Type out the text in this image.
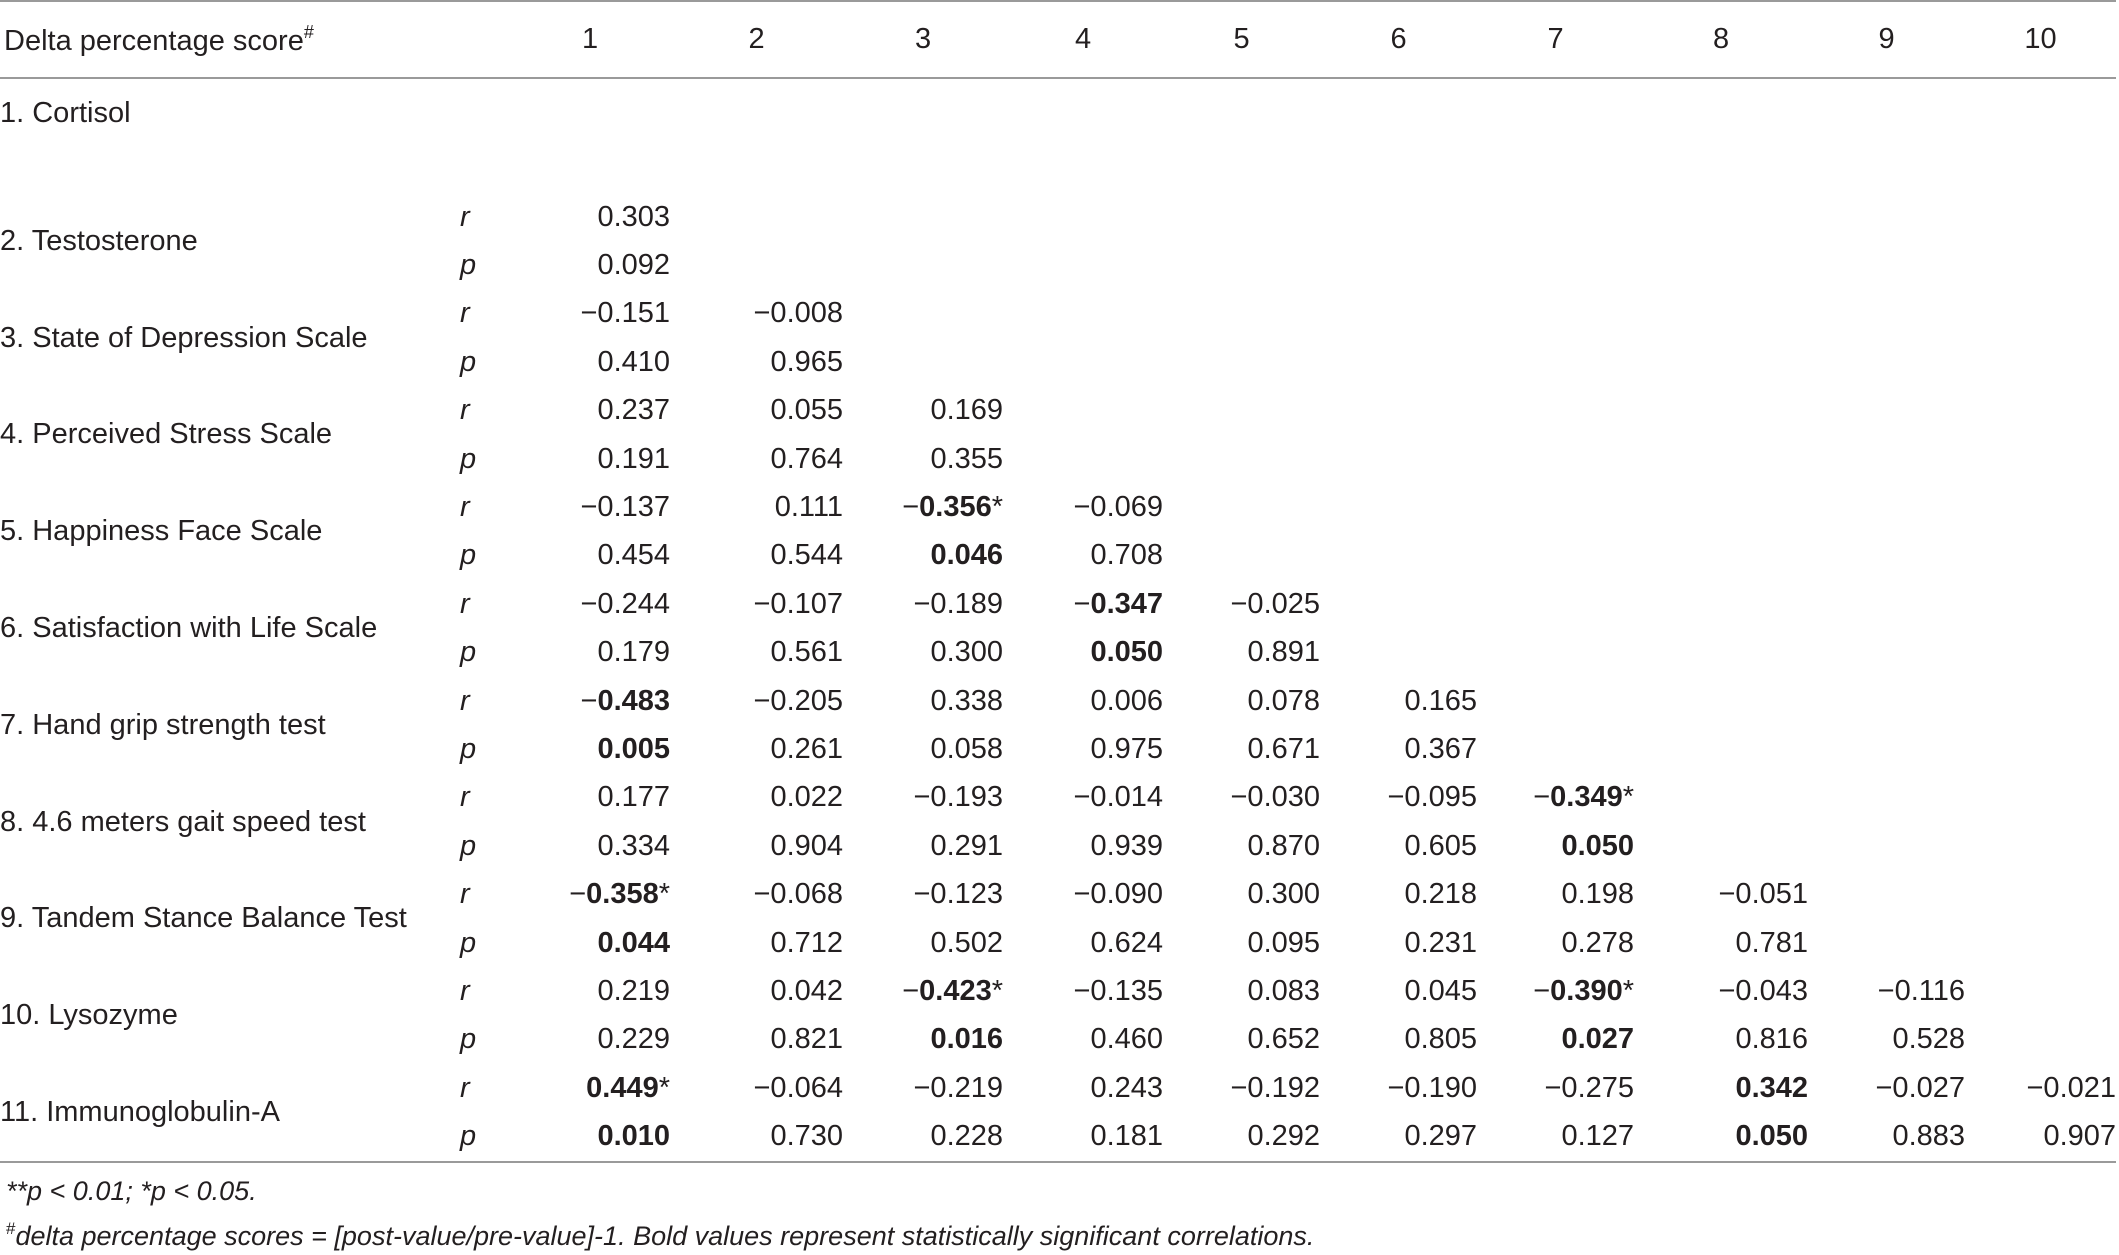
Delta percentage score#		1	2	3	4	5	6	7	8	9	10
1. Cortisol											
2. Testosterone	r	0.303									
	p	0.092									
3. State of Depression Scale	r	−0.151	−0.008								
	p	0.410	0.965								
4. Perceived Stress Scale	r	0.237	0.055	0.169							
	p	0.191	0.764	0.355							
5. Happiness Face Scale	r	−0.137	0.111	−0.356*	−0.069						
	p	0.454	0.544	0.046	0.708						
6. Satisfaction with Life Scale	r	−0.244	−0.107	−0.189	−0.347	−0.025					
	p	0.179	0.561	0.300	0.050	0.891					
7. Hand grip strength test	r	−0.483	−0.205	0.338	0.006	0.078	0.165				
	p	0.005	0.261	0.058	0.975	0.671	0.367				
8. 4.6 meters gait speed test	r	0.177	0.022	−0.193	−0.014	−0.030	−0.095	−0.349*			
	p	0.334	0.904	0.291	0.939	0.870	0.605	0.050			
9. Tandem Stance Balance Test	r	−0.358*	−0.068	−0.123	−0.090	0.300	0.218	0.198	−0.051		
	p	0.044	0.712	0.502	0.624	0.095	0.231	0.278	0.781		
10. Lysozyme	r	0.219	0.042	−0.423*	−0.135	0.083	0.045	−0.390*	−0.043	−0.116	
	p	0.229	0.821	0.016	0.460	0.652	0.805	0.027	0.816	0.528	
11. Immunoglobulin-A	r	0.449*	−0.064	−0.219	0.243	−0.192	−0.190	−0.275	0.342	−0.027	−0.021
	p	0.010	0.730	0.228	0.181	0.292	0.297	0.127	0.050	0.883	0.907
**p < 0.01; *p < 0.05.
#delta percentage scores = [post-value/pre-value]-1. Bold values represent statistically significant correlations.
